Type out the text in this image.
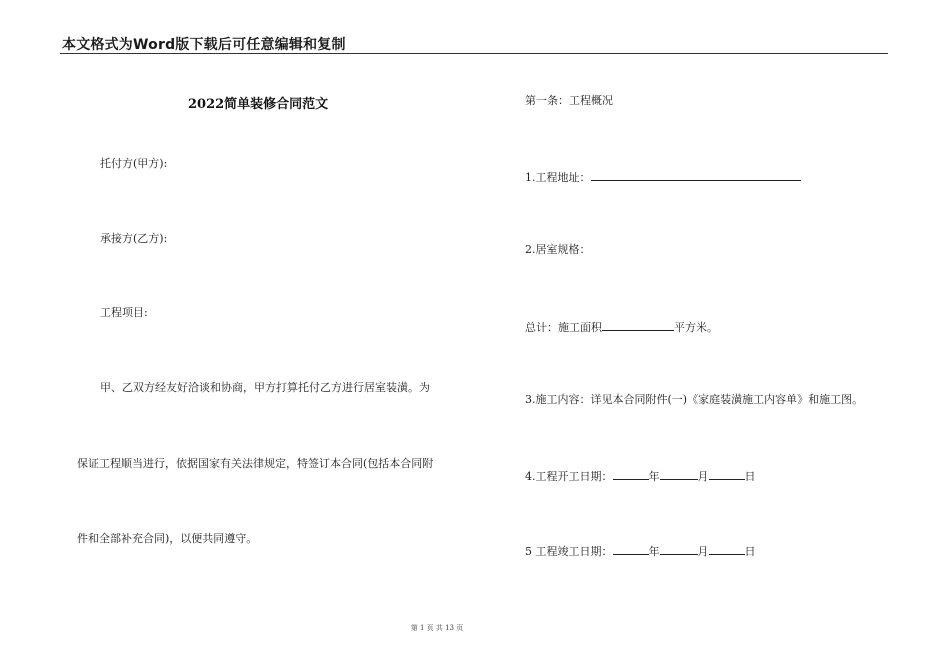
本文格式为Word版下载后可任意编辑和复制
2022简单装修合同范文
托付方(甲方):
承接方(乙方):
工程项目:
甲、乙双方经友好洽谈和协商，甲方打算托付乙方进行居室装潢。为
保证工程顺当进行，依据国家有关法律规定，特签订本合同(包括本合同附
件和全部补充合同)，以便共同遵守。
第一条：工程概况
1.工程地址：
2.居室规格：
总计：施工面积	平方米。
3.施工内容：详见本合同附件(一)《家庭装潢施工内容单》和施工图。
4.工程开工日期：	年	月	日
5 工程竣工日期：	年	月	日
第 1 页 共 13 页
